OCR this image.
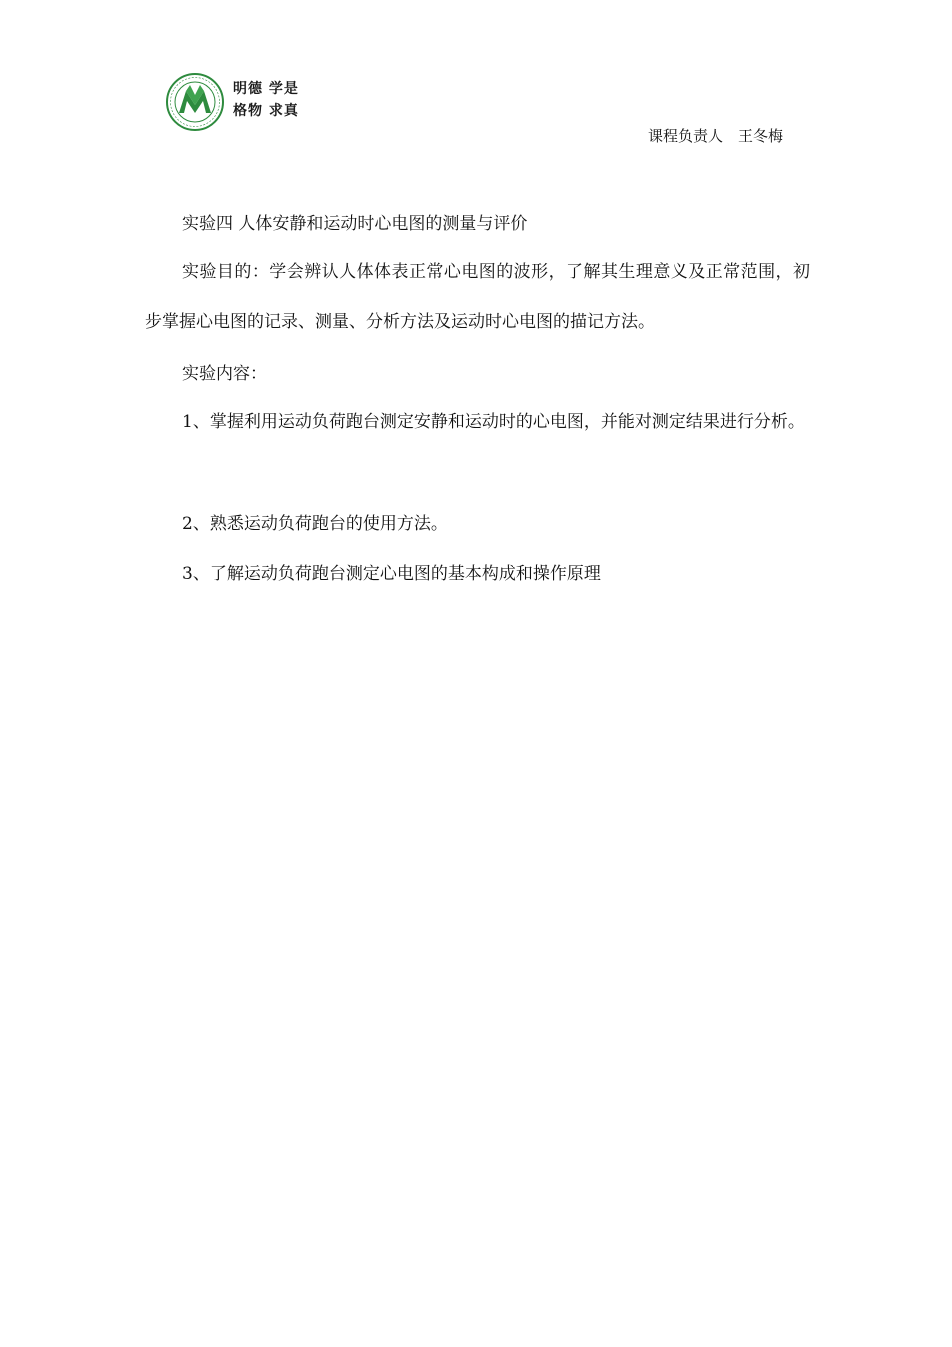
明德 学是
格物 求真
课程负责人　王冬梅
实验四 人体安静和运动时心电图的测量与评价
实验目的：学会辨认人体体表正常心电图的波形，了解其生理意义及正常范围，初步掌握心电图的记录、测量、分析方法及运动时心电图的描记方法。
实验内容：
1、掌握利用运动负荷跑台测定安静和运动时的心电图，并能对测定结果进行分析。
2、熟悉运动负荷跑台的使用方法。
3、了解运动负荷跑台测定心电图的基本构成和操作原理
